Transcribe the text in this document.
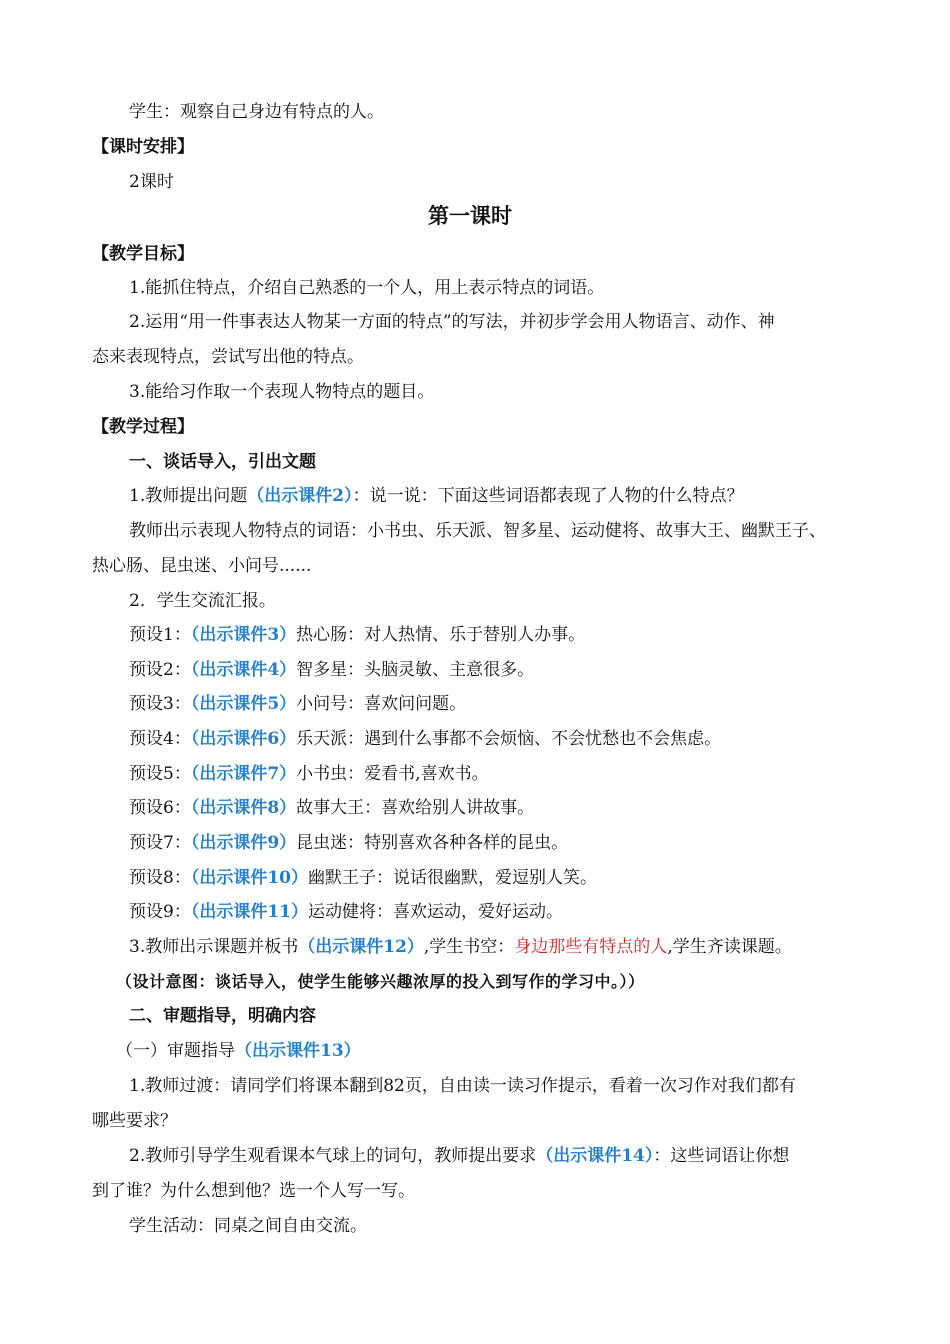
学生：观察自己身边有特点的人。
【课时安排】
2课时
第一课时
【教学目标】
1.能抓住特点，介绍自己熟悉的一个人，用上表示特点的词语。
2.运用“用一件事表达人物某一方面的特点”的写法，并初步学会用人物语言、动作、神
态来表现特点，尝试写出他的特点。
3.能给习作取一个表现人物特点的题目。
【教学过程】
一、谈话导入，引出文题
1.教师提出问题（出示课件2）：说一说：下面这些词语都表现了人物的什么特点？
教师出示表现人物特点的词语：小书虫、乐天派、智多星、运动健将、故事大王、幽默王子、
热心肠、昆虫迷、小问号......
2．学生交流汇报。
预设1：（出示课件3）热心肠：对人热情、乐于替别人办事。
预设2：（出示课件4）智多星：头脑灵敏、主意很多。
预设3：（出示课件5）小问号：喜欢问问题。
预设4：（出示课件6）乐天派：遇到什么事都不会烦恼、不会忧愁也不会焦虑。
预设5：（出示课件7）小书虫：爱看书,喜欢书。
预设6：（出示课件8）故事大王：喜欢给别人讲故事。
预设7：（出示课件9）昆虫迷：特别喜欢各种各样的昆虫。
预设8：（出示课件10）幽默王子：说话很幽默，爱逗别人笑。
预设9：（出示课件11）运动健将：喜欢运动，爱好运动。
3.教师出示课题并板书（出示课件12）,学生书空：身边那些有特点的人,学生齐读课题。
（设计意图：谈话导入，使学生能够兴趣浓厚的投入到写作的学习中。））
二、审题指导，明确内容
（一）审题指导（出示课件13）
1.教师过渡：请同学们将课本翻到82页，自由读一读习作提示，看着一次习作对我们都有
哪些要求？
2.教师引导学生观看课本气球上的词句，教师提出要求（出示课件14）：这些词语让你想
到了谁？为什么想到他？选一个人写一写。
学生活动：同桌之间自由交流。
